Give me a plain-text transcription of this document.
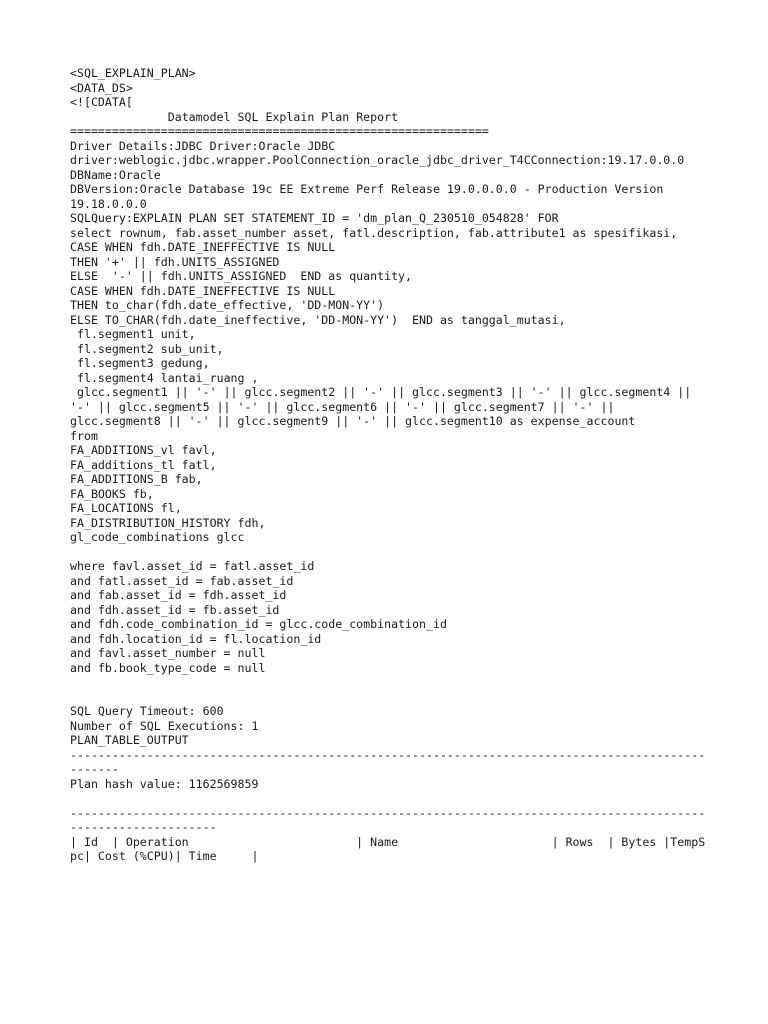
<SQL_EXPLAIN_PLAN>
<DATA_DS>
<![CDATA[
Datamodel SQL Explain Plan Report
============================================================
Driver Details:JDBC Driver:Oracle JDBC
driver:weblogic.jdbc.wrapper.PoolConnection_oracle_jdbc_driver_T4CConnection:19.17.0.0.0
DBName:Oracle
DBVersion:Oracle Database 19c EE Extreme Perf Release 19.0.0.0.0 - Production Version 19.18.0.0.0
SQLQuery:EXPLAIN PLAN SET STATEMENT_ID = 'dm_plan_Q_230510_054828' FOR
select rownum, fab.asset_number asset, fatl.description, fab.attribute1 as spesifikasi,
CASE WHEN fdh.DATE_INEFFECTIVE IS NULL
THEN '+' || fdh.UNITS_ASSIGNED
ELSE  '-' || fdh.UNITS_ASSIGNED  END as quantity,
CASE WHEN fdh.DATE_INEFFECTIVE IS NULL
THEN to_char(fdh.date_effective, 'DD-MON-YY')
ELSE TO_CHAR(fdh.date_ineffective, 'DD-MON-YY')  END as tanggal_mutasi,
fl.segment1 unit,
fl.segment2 sub_unit,
fl.segment3 gedung,
fl.segment4 lantai_ruang ,
glcc.segment1 || '-' || glcc.segment2 || '-' || glcc.segment3 || '-' || glcc.segment4 || '-' || glcc.segment5 || '-' || glcc.segment6 || '-' || glcc.segment7 || '-' || glcc.segment8 || '-' || glcc.segment9 || '-' || glcc.segment10 as expense_account
from
FA_ADDITIONS_vl favl,
FA_additions_tl fatl,
FA_ADDITIONS_B fab,
FA_BOOKS fb,
FA_LOCATIONS fl,
FA_DISTRIBUTION_HISTORY fdh,
gl_code_combinations glcc

where favl.asset_id = fatl.asset_id
and fatl.asset_id = fab.asset_id
and fab.asset_id = fdh.asset_id
and fdh.asset_id = fb.asset_id
and fdh.code_combination_id = glcc.code_combination_id
and fdh.location_id = fl.location_id
and favl.asset_number = null
and fb.book_type_code = null

SQL Query Timeout: 600
Number of SQL Executions: 1
PLAN_TABLE_OUTPUT
--------------------------------------------------------------------------------------------------
Plan hash value: 1162569859

----------------------------------------------------------------------------------------------------------------
| Id  | Operation                        | Name                      | Rows  | Bytes |TempSpc| Cost (%CPU)| Time     |
